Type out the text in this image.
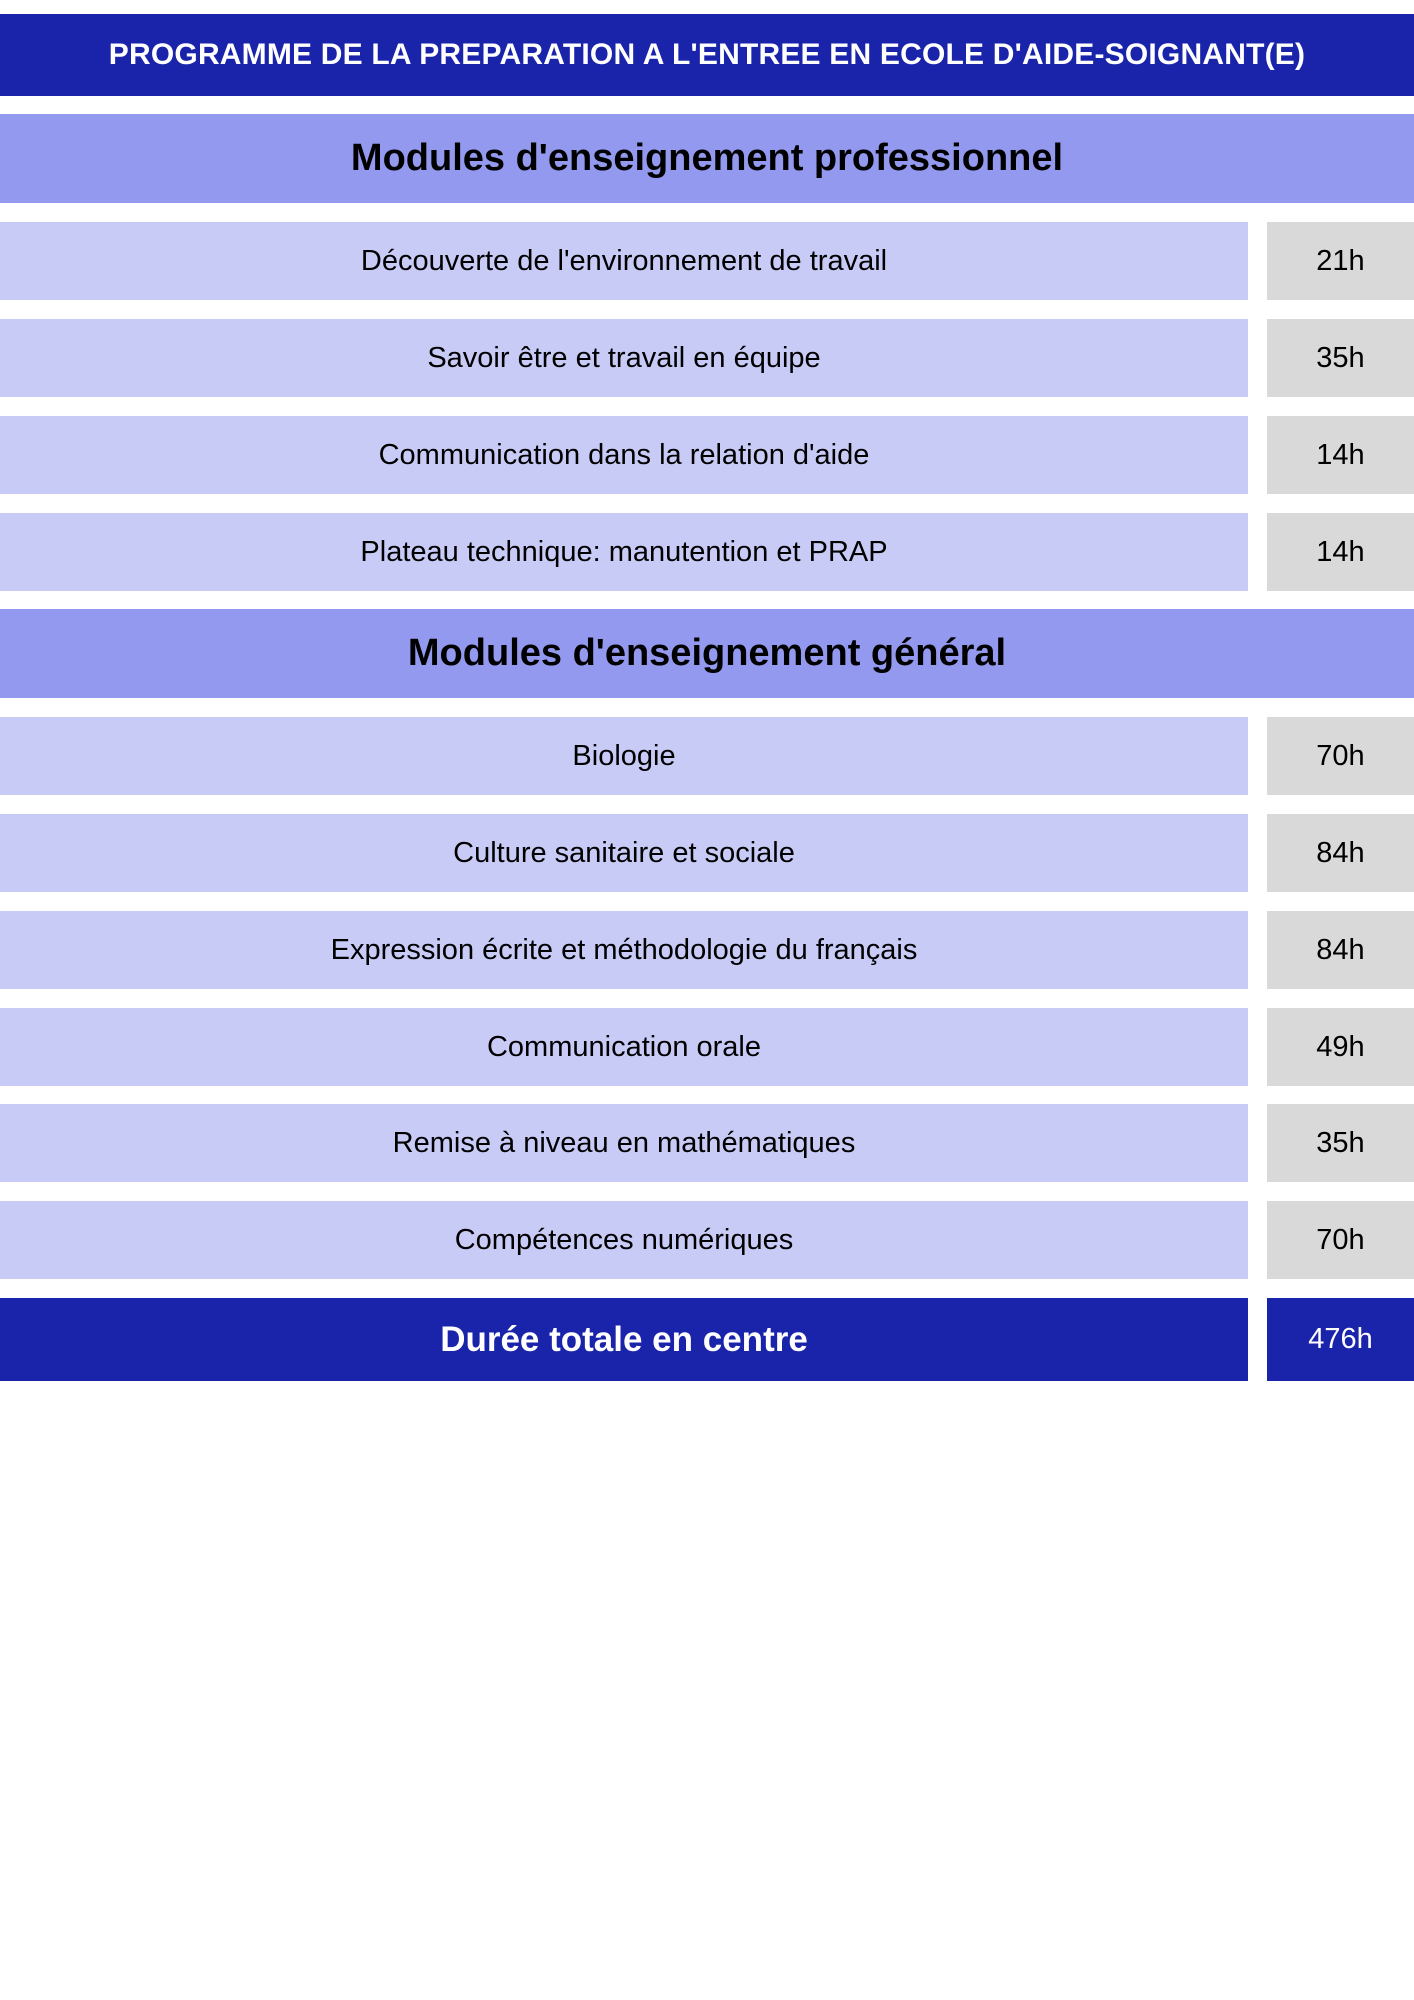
PROGRAMME DE LA PREPARATION A L'ENTREE EN ECOLE D'AIDE-SOIGNANT(E)
Modules d'enseignement professionnel
Découverte de l'environnement de travail	21h
Savoir être et travail en équipe	35h
Communication dans la relation d'aide	14h
Plateau technique: manutention et PRAP	14h
Modules d'enseignement général
Biologie	70h
Culture sanitaire et sociale	84h
Expression écrite et méthodologie du français	84h
Communication orale	49h
Remise à niveau en mathématiques	35h
Compétences numériques	70h
Durée totale en centre	476h
